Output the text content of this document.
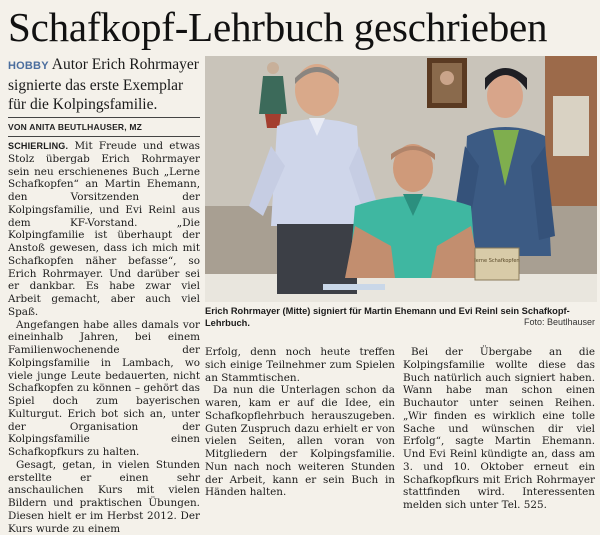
Schafkopf-Lehrbuch geschrieben
HOBBY Autor Erich Rohrmayer signierte das erste Exemplar für die Kolpingsfamilie.
VON ANITA BEUTLHAUSER, MZ

SCHIERLING. Mit Freude und etwas Stolz übergab Erich Rohrmayer sein neu erschienenes Buch „Lerne Schafkopfen“ an Martin Ehemann, den Vorsitzenden der Kolpingsfamilie, und Evi Reinl aus dem KF-Vorstand. „Die Kolpingfamilie ist überhaupt der Anstoß gewesen, dass ich mich mit Schafkopfen näher befasse“, so Erich Rohrmayer. Und darüber sei er dankbar. Es habe zwar viel Arbeit gemacht, aber auch viel Spaß.

Angefangen habe alles damals vor eineinhalb Jahren, bei einem Familienwochenende der Kolpingsfamilie in Lambach, wo viele junge Leute bedauerten, nicht Schafkopfen zu können – gehört das Spiel doch zum bayerischen Kulturgut. Erich bot sich an, unter der Organisation der Kolpingsfamilie einen Schafkopfkurs zu halten.

Gesagt, getan, in vielen Stunden erstellte er einen sehr anschaulichen Kurs mit vielen Bildern und praktischen Übungen. Diesen hielt er im Herbst 2012. Der Kurs wurde zu einem

lerne Schafkopfen
Erich Rohrmayer (Mitte) signiert für Martin Ehemann und Evi Reinl sein Schafkopf-Lehrbuch.	Foto: Beutlhauser

Erfolg, denn noch heute treffen sich einige Teilnehmer zum Spielen an Stammtischen.

Da nun die Unterlagen schon da waren, kam er auf die Idee, ein Schafkopflehrbuch herauszugeben. Guten Zuspruch dazu erhielt er von vielen Seiten, allen voran von Mitgliedern der Kolpingsfamilie. Nun nach noch weiteren Stunden der Arbeit, kann er sein Buch in Händen halten.

Bei der Übergabe an die Kolpingsfamilie wollte diese das Buch natürlich auch signiert haben. Wann habe man schon einen Buchautor unter seinen Reihen. „Wir finden es wirklich eine tolle Sache und wünschen dir viel Erfolg“, sagte Martin Ehemann. Und Evi Reinl kündigte an, dass am 3. und 10. Oktober erneut ein Schafkopfkurs mit Erich Rohrmayer stattfinden wird. Interessenten melden sich unter Tel. 525.
